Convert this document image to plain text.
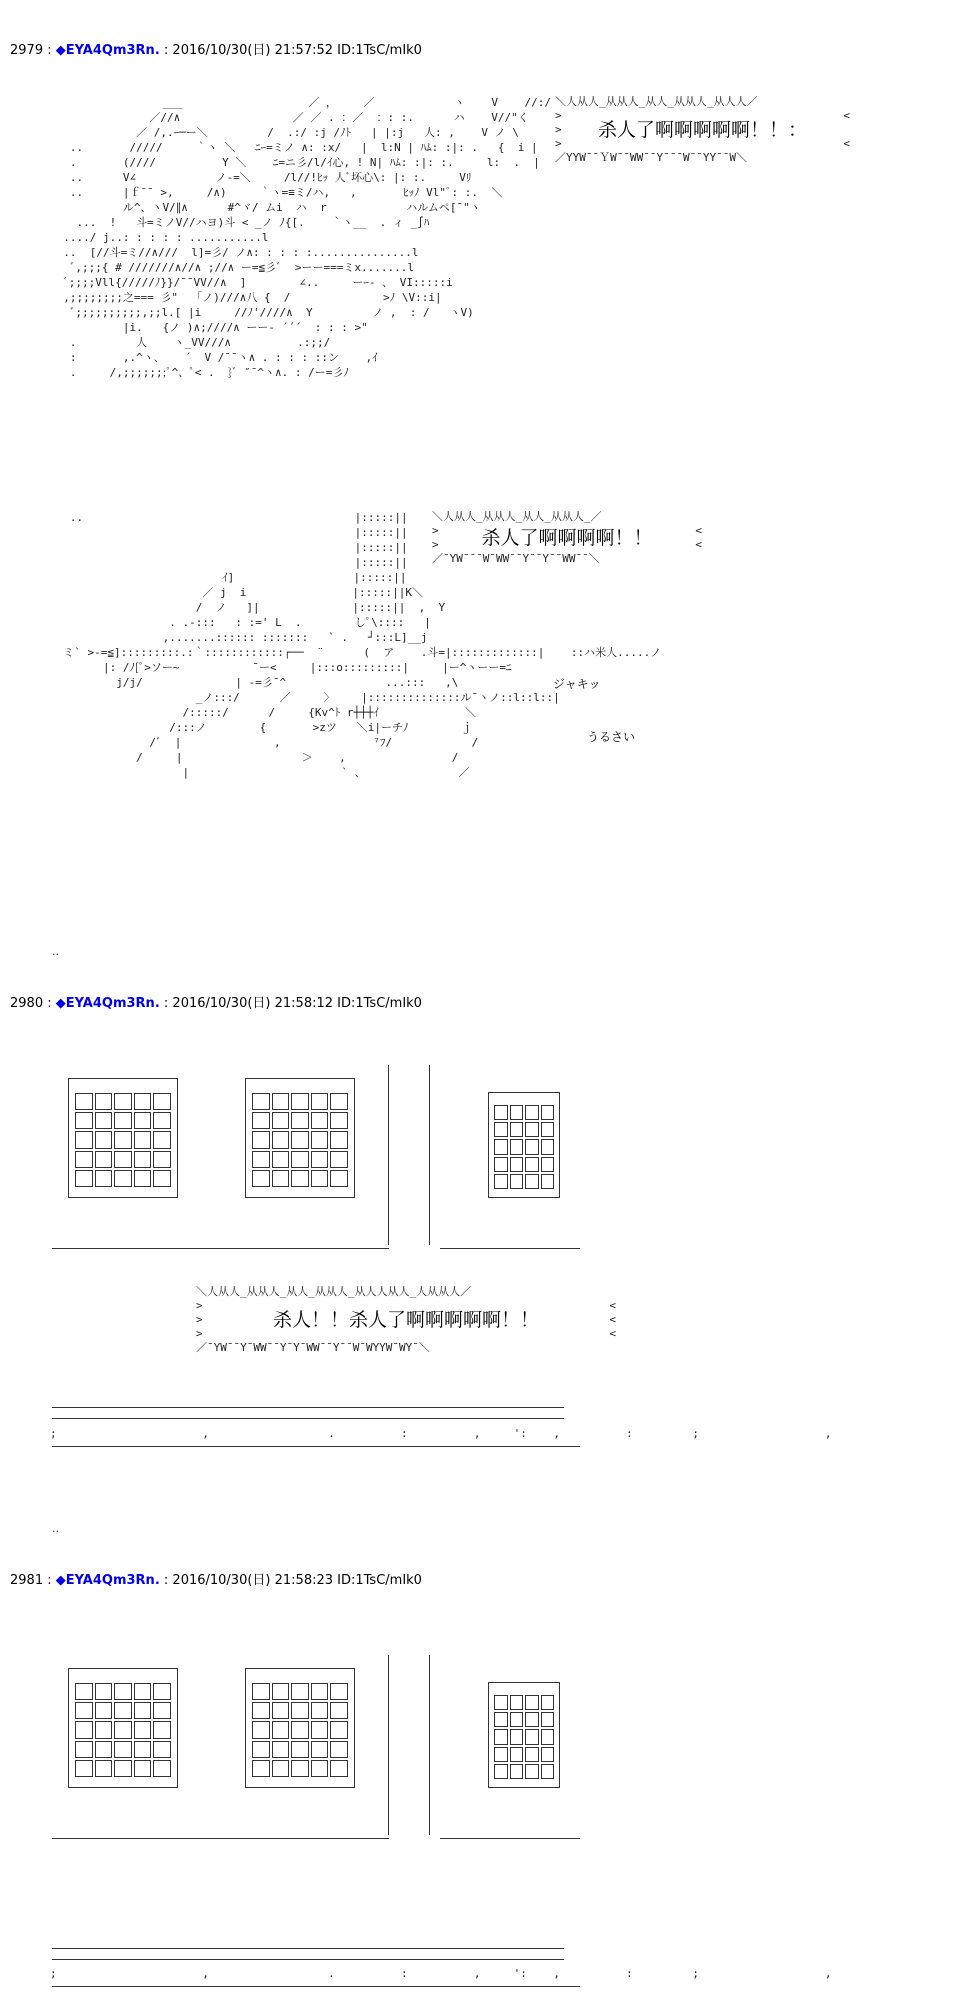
2979 : ◆ EYA4Qm3Rn. : 2016/10/30(日) 21:57:52 ID:1TsC/mIk0
___                   ／ ，    ／            ヽ    V    //:/
／//∧                 ／ ／ . ：／  ：: :.      ハ    V//"く
／ /,.ｰ─ー＼         /  .:/ :j /ﾉﾄ   | |:j   人: ,    V ノ \
..       /////     ｀ヽ ＼   ﾆｰ=ミノ ∧: :x/   |  l:N | ﾊﾑ: :|: .   {  i |
.       (////          Y ＼    ﾆ=ニ彡/l/ｲ心, ! N| ﾊﾑ: :|: :.     l:  .  |
..      V∠            ノ-=＼     /l//!ﾋｯ 人ﾞ坏心\: |: :.     Vﾘ
..      |ｆ¯¯ >,     /∧)     ｀ヽ=≡ミ/ハ,   ,       ﾋｯﾉ Vl"ﾟ: :.  ＼
ル^、ヽV/∥∧      #^ヾ/ ムi  ハ  r            ハルムペ[¯"ヽ
...  !   斗=ミノV//ハヨ)斗 < _ノ ﾉ{[.    ｀ヽ__  . ィ _∫ﾊ
..../ j..: : : : : ...........l
..  [//斗=ミ//∧///  l]=彡/ ノ∧: : : : :...............l
ﾞ,;;;{ # ///////∧//∧ ;//∧ ー=≦彡ﾞ  >ーー===ミx.......l
ﾞ;;;;Vll{/////ﾉ}}/¯¯VV//∧  ]        ∠..     ーｰ‐ 、 VI:::::i
,;;;;;;;;之=== 彡"  「ノ)///∧八 {  /              >ﾉ \V::i|
ﾞ;;;;;;;;;;,;;l.[ |i     //ﾉ'////∧  Y         ノ ,  : /   ヽV)
|i.   {ノ )∧;////∧ ーー- ´´´  : : : >"
.         人    ヽ_VV///∧          .:;;/
:       ,.^ヽ、   ´  V /¯¯ヽ∧ . : : : ::ン    ,ｲ
.     /,;;;;;;;ﾟ^、ﾟ< .  }ﾞ ″¯^ヽ∧. : /ー=彡ﾉ
＼人从人_从从人_从人_从从人_从人人／
>
>
>
杀人了啊啊啊啊啊！！：
<

<
／YYW¯¯ＹW¯¯WW¯¯Y¯¯¯W¯¯YY¯¯W＼
＼人从人_从从人_从人_从从人_／
>
>	杀人了啊啊啊啊！！	<
<
／¯YW¯¯¯W¯WW¯¯Y¯¯Y¯¯WW¯¯＼
..                                         |:::::||
|:::::||
|:::::||
|:::::||
ｲ]                  |:::::||
／ j  i                |:::::||K＼
/  ノ   ]|              |:::::||  ,  Y
. .-:::   : :=' L  .        しﾟ\::::   |
,.......:::::: :::::::   ` .   ┘:::L]__j
ミ` >-=≦]:::::::::.:｀::::::::::::┌──  ¨      (  ア    .斗=|:::::::::::::|    ::ハ米人.....ノ
|: /ﾉ[ﾟ>ソー~           ¯ー<     |:::o:::::::::|     |ー^ヽーー=ﾆ
j/j/              | -=彡¯^               ...:::   ,\
_ノ:::/      ／     〉    |::::::::::::::ル¯ヽノ::l::l::|
/:::::/      /     {Kv^ﾄ r┼┼┼ｲ             ＼
/:::ノ        {       >zツ   ＼i|ーチﾉ        ｊ
/ﾞ  |              ,              ⁷ﾌ/            /
/     |                  ＞    ,                /
|                       ` 、              ／
ジャキッ
うるさい
..
2980 : ◆ EYA4Qm3Rn. : 2016/10/30(日) 21:58:12 ID:1TsC/mIk0
＼人从人_从从人_从人_从从人_从人人从人_人从从人／
>
>
>
杀人！！杀人了啊啊啊啊啊！！
<
<
<
／¯YW¯¯Y¯WW¯¯Y¯Y¯WW¯¯Y¯¯W¯WYYW¯WY¯＼
;                      ,                  .          :          ,     ':    ,          :         ;                   ,
..
2981 : ◆ EYA4Qm3Rn. : 2016/10/30(日) 21:58:23 ID:1TsC/mIk0
;                      ,                  .          :          ,     ':    ,          :         ;                   ,
